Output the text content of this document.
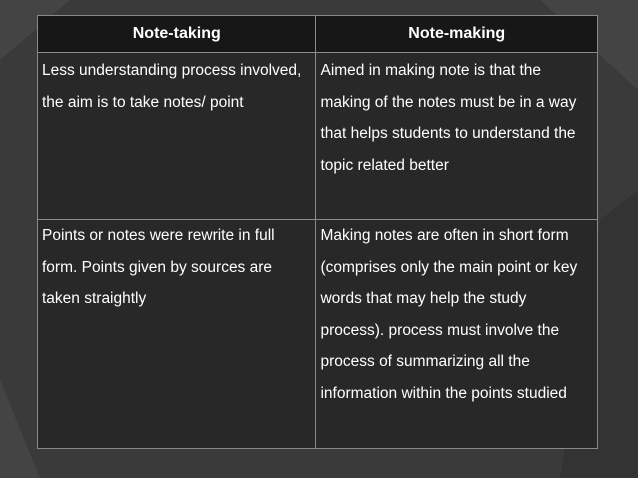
Note-taking	Note-making
Less understanding process involved, the aim is to take notes/ point	Aimed in making note is that the making of the notes must be in a way that helps students to understand the topic related better
Points or notes were rewrite in full form. Points given by sources are taken straightly	Making notes are often in short form (comprises only the main point or key words that may help the study process). process must involve the process of summarizing all the information within the points studied
